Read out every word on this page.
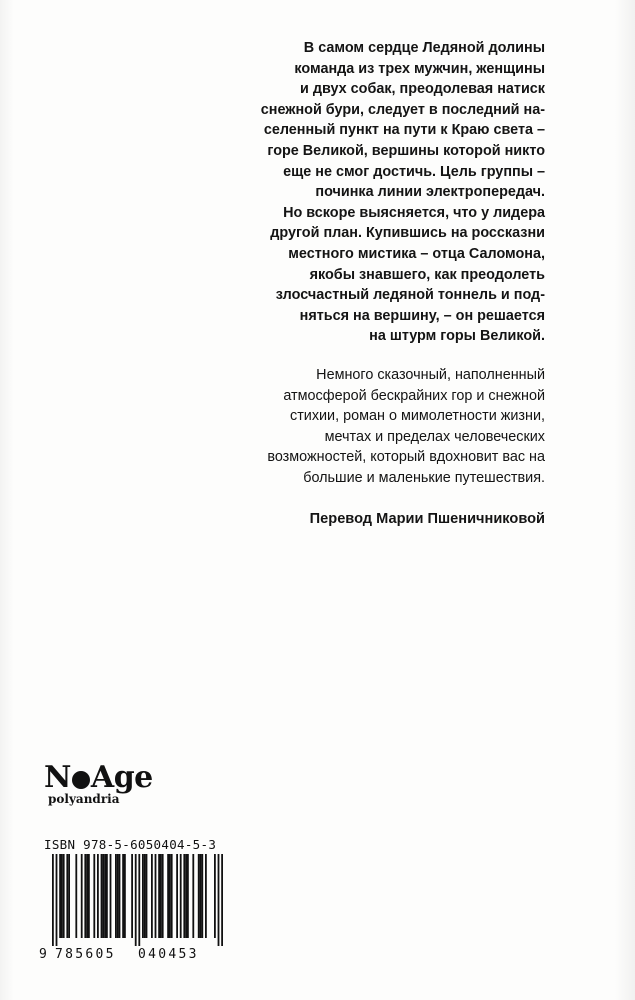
В самом сердце Ледяной долины
команда из трех мужчин, женщины
и двух собак, преодолевая натиск
снежной бури, следует в последний на-
селенный пункт на пути к Краю света –
горе Великой, вершины которой никто
еще не смог достичь. Цель группы –
починка линии электропередач.
Но вскоре выясняется, что у лидера
другой план. Купившись на россказни
местного мистика – отца Саломона,
якобы знавшего, как преодолеть
злосчастный ледяной тоннель и под-
няться на вершину, – он решается
на штурм горы Великой.
Немного сказочный, наполненный
атмосферой бескрайних гор и снежной
стихии, роман о мимолетности жизни,
мечтах и пределах человеческих
возможностей, который вдохновит вас на
большие и маленькие путешествия.
Перевод Марии Пшеничниковой
N Age
polyandria
ISBN 978-5-6050404-5-3
9 785605 040453
